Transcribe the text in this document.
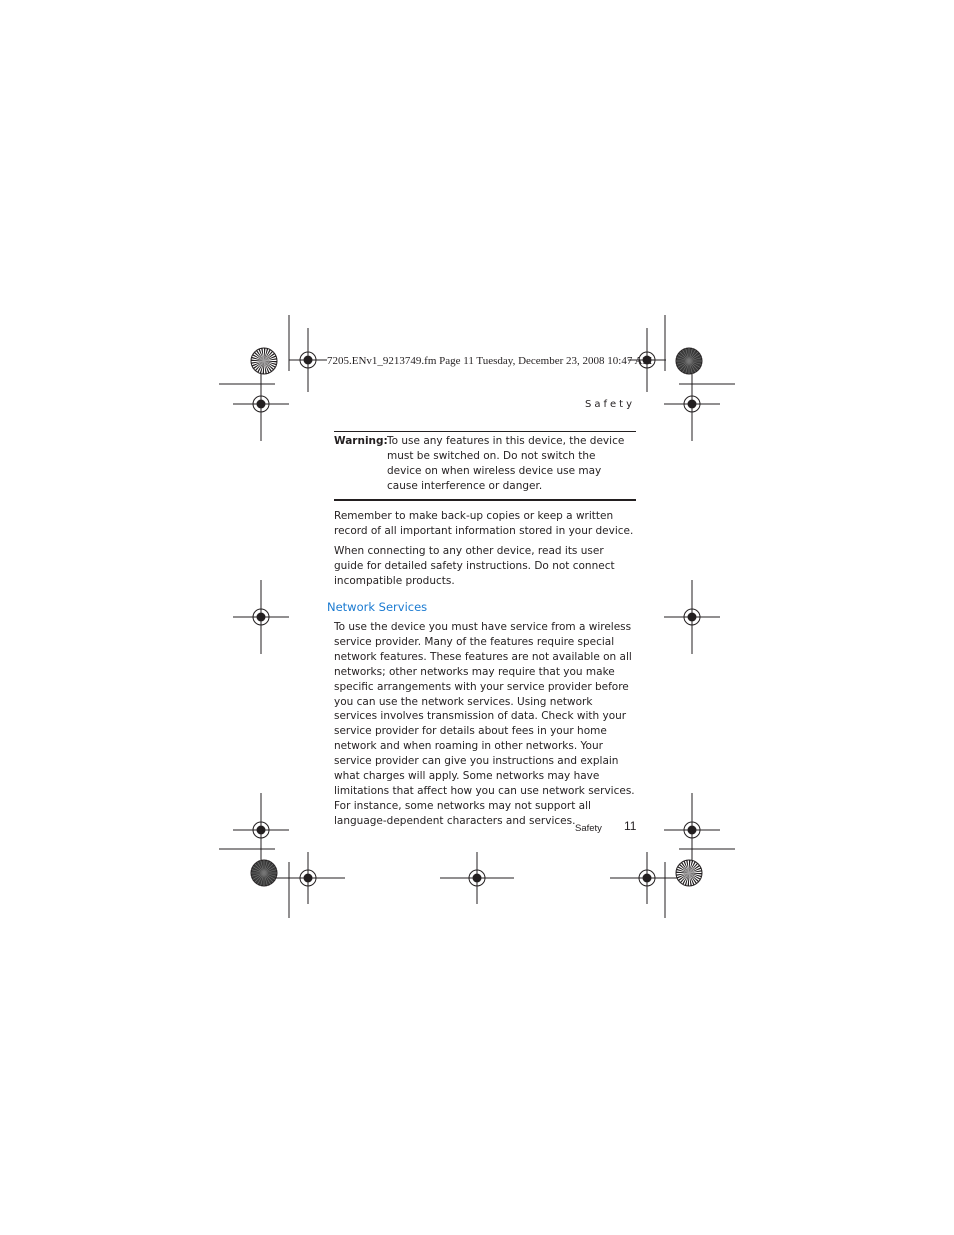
7205.ENv1_9213749.fm Page 11 Tuesday, December 23, 2008 10:47 AM
Safety
Warning: To use any features in this device, the device must be switched on. Do not switch the device on when wireless device use may cause interference or danger.
Remember to make back-up copies or keep a written record of all important information stored in your device.
When connecting to any other device, read its user guide for detailed safety instructions. Do not connect incompatible products.
Network Services
To use the device you must have service from a wireless service provider. Many of the features require special network features. These features are not available on all networks; other networks may require that you make specific arrangements with your service provider before you can use the network services. Using network services involves transmission of data. Check with your service provider for details about fees in your home network and when roaming in other networks. Your service provider can give you instructions and explain what charges will apply. Some networks may have limitations that affect how you can use network services. For instance, some networks may not support all language-dependent characters and services.
Safety 11
